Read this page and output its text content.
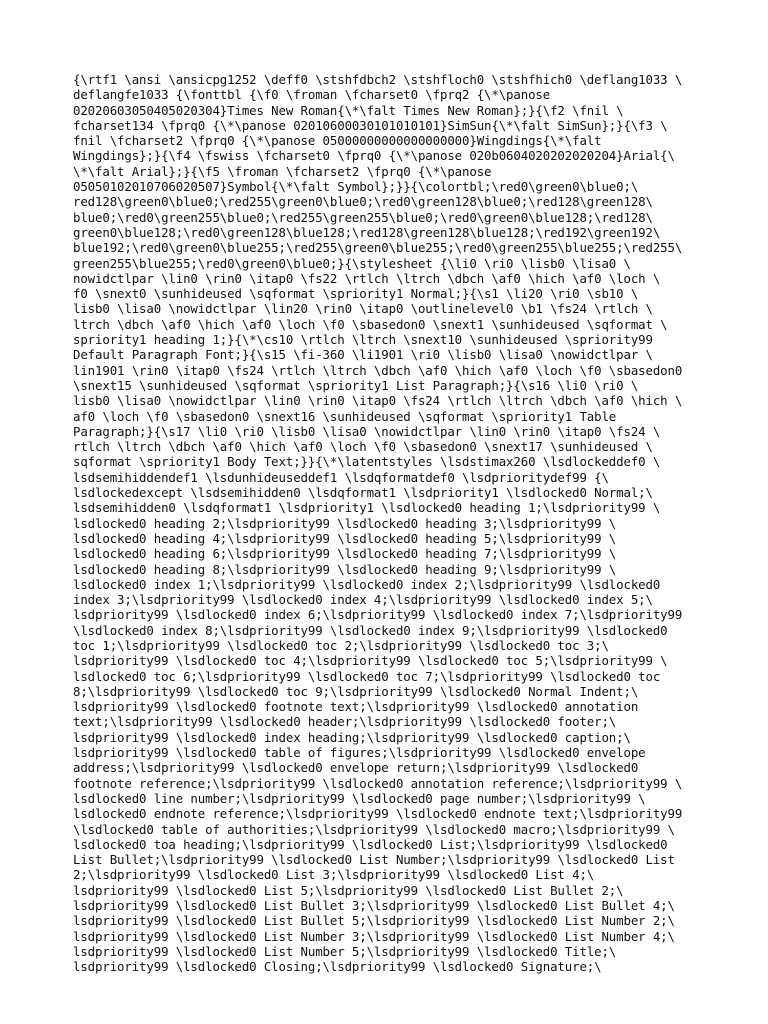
{\rtf1 \ansi \ansicpg1252 \deff0 \stshfdbch2 \stshfloch0 \stshfhich0 \deflang1033 \
deflangfe1033 {\fonttbl {\f0 \froman \fcharset0 \fprq2 {\*\panose
02020603050405020304}Times New Roman{\*\falt Times New Roman};}{\f2 \fnil \
fcharset134 \fprq0 {\*\panose 02010600030101010101}SimSun{\*\falt SimSun};}{\f3 \
fnil \fcharset2 \fprq0 {\*\panose 05000000000000000000}Wingdings{\*\falt
Wingdings};}{\f4 \fswiss \fcharset0 \fprq0 {\*\panose 020b0604020202020204}Arial{\
\*\falt Arial};}{\f5 \froman \fcharset2 \fprq0 {\*\panose
05050102010706020507}Symbol{\*\falt Symbol};}}{\colortbl;\red0\green0\blue0;\
red128\green0\blue0;\red255\green0\blue0;\red0\green128\blue0;\red128\green128\
blue0;\red0\green255\blue0;\red255\green255\blue0;\red0\green0\blue128;\red128\
green0\blue128;\red0\green128\blue128;\red128\green128\blue128;\red192\green192\
blue192;\red0\green0\blue255;\red255\green0\blue255;\red0\green255\blue255;\red255\
green255\blue255;\red0\green0\blue0;}{\stylesheet {\li0 \ri0 \lisb0 \lisa0 \
nowidctlpar \lin0 \rin0 \itap0 \fs22 \rtlch \ltrch \dbch \af0 \hich \af0 \loch \
f0 \snext0 \sunhideused \sqformat \spriority1 Normal;}{\s1 \li20 \ri0 \sb10 \
lisb0 \lisa0 \nowidctlpar \lin20 \rin0 \itap0 \outlinelevel0 \b1 \fs24 \rtlch \
ltrch \dbch \af0 \hich \af0 \loch \f0 \sbasedon0 \snext1 \sunhideused \sqformat \
spriority1 heading 1;}{\*\cs10 \rtlch \ltrch \snext10 \sunhideused \spriority99
Default Paragraph Font;}{\s15 \fi-360 \li1901 \ri0 \lisb0 \lisa0 \nowidctlpar \
lin1901 \rin0 \itap0 \fs24 \rtlch \ltrch \dbch \af0 \hich \af0 \loch \f0 \sbasedon0
\snext15 \sunhideused \sqformat \spriority1 List Paragraph;}{\s16 \li0 \ri0 \
lisb0 \lisa0 \nowidctlpar \lin0 \rin0 \itap0 \fs24 \rtlch \ltrch \dbch \af0 \hich \
af0 \loch \f0 \sbasedon0 \snext16 \sunhideused \sqformat \spriority1 Table
Paragraph;}{\s17 \li0 \ri0 \lisb0 \lisa0 \nowidctlpar \lin0 \rin0 \itap0 \fs24 \
rtlch \ltrch \dbch \af0 \hich \af0 \loch \f0 \sbasedon0 \snext17 \sunhideused \
sqformat \spriority1 Body Text;}}{\*\latentstyles \lsdstimax260 \lsdlockeddef0 \
lsdsemihiddendef1 \lsdunhideuseddef1 \lsdqformatdef0 \lsdprioritydef99 {\
lsdlockedexcept \lsdsemihidden0 \lsdqformat1 \lsdpriority1 \lsdlocked0 Normal;\
lsdsemihidden0 \lsdqformat1 \lsdpriority1 \lsdlocked0 heading 1;\lsdpriority99 \
lsdlocked0 heading 2;\lsdpriority99 \lsdlocked0 heading 3;\lsdpriority99 \
lsdlocked0 heading 4;\lsdpriority99 \lsdlocked0 heading 5;\lsdpriority99 \
lsdlocked0 heading 6;\lsdpriority99 \lsdlocked0 heading 7;\lsdpriority99 \
lsdlocked0 heading 8;\lsdpriority99 \lsdlocked0 heading 9;\lsdpriority99 \
lsdlocked0 index 1;\lsdpriority99 \lsdlocked0 index 2;\lsdpriority99 \lsdlocked0
index 3;\lsdpriority99 \lsdlocked0 index 4;\lsdpriority99 \lsdlocked0 index 5;\
lsdpriority99 \lsdlocked0 index 6;\lsdpriority99 \lsdlocked0 index 7;\lsdpriority99
\lsdlocked0 index 8;\lsdpriority99 \lsdlocked0 index 9;\lsdpriority99 \lsdlocked0
toc 1;\lsdpriority99 \lsdlocked0 toc 2;\lsdpriority99 \lsdlocked0 toc 3;\
lsdpriority99 \lsdlocked0 toc 4;\lsdpriority99 \lsdlocked0 toc 5;\lsdpriority99 \
lsdlocked0 toc 6;\lsdpriority99 \lsdlocked0 toc 7;\lsdpriority99 \lsdlocked0 toc
8;\lsdpriority99 \lsdlocked0 toc 9;\lsdpriority99 \lsdlocked0 Normal Indent;\
lsdpriority99 \lsdlocked0 footnote text;\lsdpriority99 \lsdlocked0 annotation
text;\lsdpriority99 \lsdlocked0 header;\lsdpriority99 \lsdlocked0 footer;\
lsdpriority99 \lsdlocked0 index heading;\lsdpriority99 \lsdlocked0 caption;\
lsdpriority99 \lsdlocked0 table of figures;\lsdpriority99 \lsdlocked0 envelope
address;\lsdpriority99 \lsdlocked0 envelope return;\lsdpriority99 \lsdlocked0
footnote reference;\lsdpriority99 \lsdlocked0 annotation reference;\lsdpriority99 \
lsdlocked0 line number;\lsdpriority99 \lsdlocked0 page number;\lsdpriority99 \
lsdlocked0 endnote reference;\lsdpriority99 \lsdlocked0 endnote text;\lsdpriority99
\lsdlocked0 table of authorities;\lsdpriority99 \lsdlocked0 macro;\lsdpriority99 \
lsdlocked0 toa heading;\lsdpriority99 \lsdlocked0 List;\lsdpriority99 \lsdlocked0
List Bullet;\lsdpriority99 \lsdlocked0 List Number;\lsdpriority99 \lsdlocked0 List
2;\lsdpriority99 \lsdlocked0 List 3;\lsdpriority99 \lsdlocked0 List 4;\
lsdpriority99 \lsdlocked0 List 5;\lsdpriority99 \lsdlocked0 List Bullet 2;\
lsdpriority99 \lsdlocked0 List Bullet 3;\lsdpriority99 \lsdlocked0 List Bullet 4;\
lsdpriority99 \lsdlocked0 List Bullet 5;\lsdpriority99 \lsdlocked0 List Number 2;\
lsdpriority99 \lsdlocked0 List Number 3;\lsdpriority99 \lsdlocked0 List Number 4;\
lsdpriority99 \lsdlocked0 List Number 5;\lsdpriority99 \lsdlocked0 Title;\
lsdpriority99 \lsdlocked0 Closing;\lsdpriority99 \lsdlocked0 Signature;\
